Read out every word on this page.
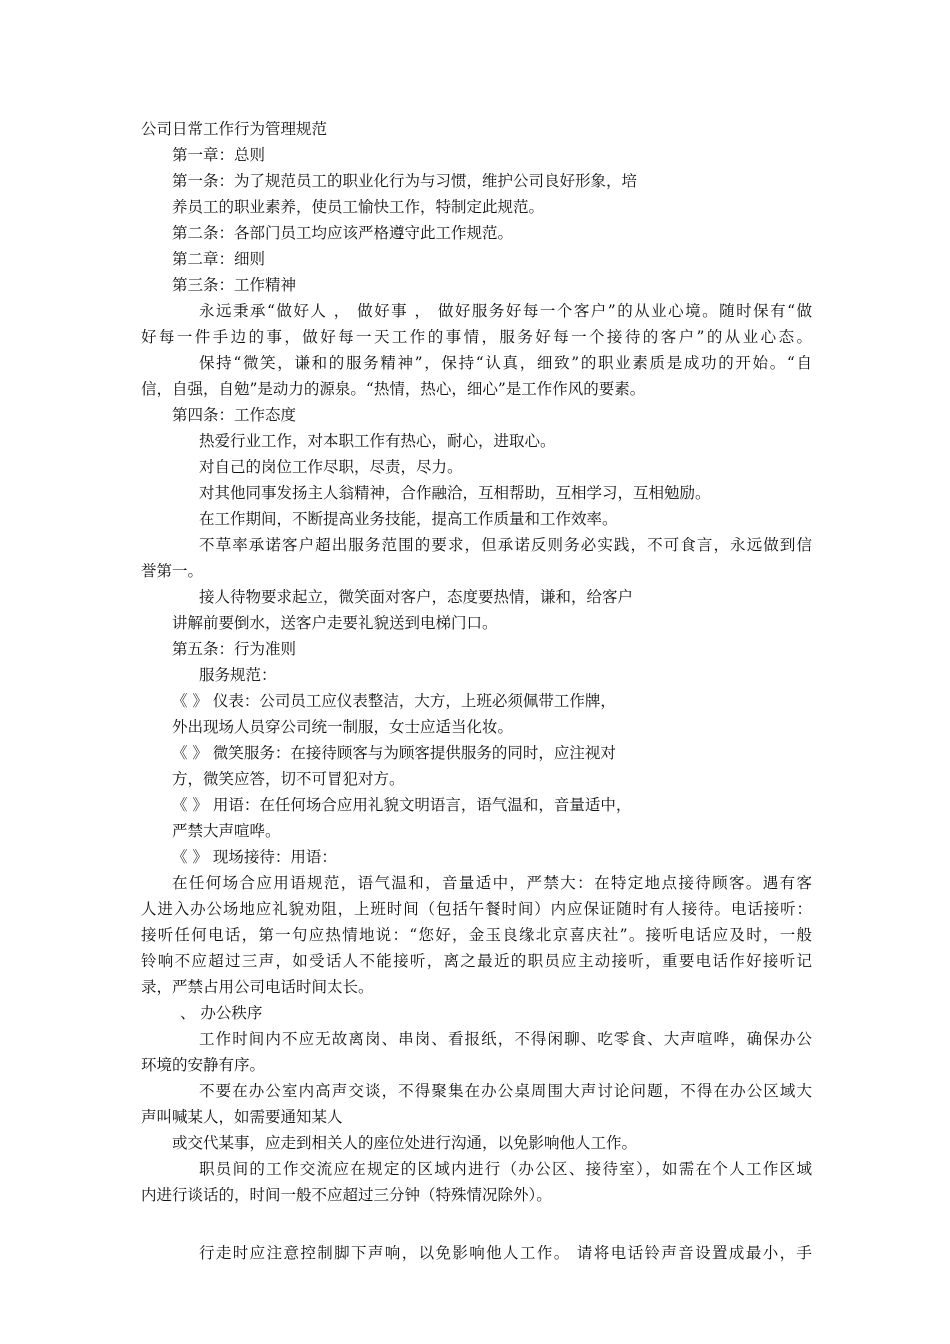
公司日常工作行为管理规范
第一章：总则
第一条：为了规范员工的职业化行为与习惯，维护公司良好形象，培
养员工的职业素养，使员工愉快工作，特制定此规范。
第二条：各部门员工均应该严格遵守此工作规范。
第二章：细则
第三条：工作精神
永远秉承“做好人 ， 做好事 ， 做好服务好每一个客户”的从业心境。随时保有“做
好每一件手边的事，做好每一天工作的事情，服务好每一个接待的客户”的从业心态。
保持“微笑，谦和的服务精神”，保持“认真，细致”的职业素质是成功的开始。“自
信，自强，自勉”是动力的源泉。“热情，热心，细心”是工作作风的要素。
第四条：工作态度
热爱行业工作，对本职工作有热心，耐心，进取心。
对自己的岗位工作尽职，尽责，尽力。
对其他同事发扬主人翁精神，合作融洽，互相帮助，互相学习，互相勉励。
在工作期间，不断提高业务技能，提高工作质量和工作效率。
不草率承诺客户超出服务范围的要求，但承诺反则务必实践，不可食言，永远做到信
誉第一。
接人待物要求起立，微笑面对客户，态度要热情，谦和，给客户
讲解前要倒水，送客户走要礼貌送到电梯门口。
第五条：行为准则
服务规范：
《 》 仪表：公司员工应仪表整洁，大方，上班必须佩带工作牌，
外出现场人员穿公司统一制服，女士应适当化妆。
《 》 微笑服务：在接待顾客与为顾客提供服务的同时，应注视对
方，微笑应答，切不可冒犯对方。
《 》 用语：在任何场合应用礼貌文明语言，语气温和，音量适中，
严禁大声喧哗。
《 》 现场接待：用语：
在任何场合应用语规范，语气温和，音量适中，严禁大：在特定地点接待顾客。遇有客
人进入办公场地应礼貌劝阻，上班时间（包括午餐时间）内应保证随时有人接待。电话接听：
接听任何电话，第一句应热情地说：“您好，金玉良缘北京喜庆社”。接听电话应及时，一般
铃响不应超过三声，如受话人不能接听，离之最近的职员应主动接听，重要电话作好接听记
录，严禁占用公司电话时间太长。
、 办公秩序
工作时间内不应无故离岗、串岗、看报纸，不得闲聊、吃零食、大声喧哗，确保办公
环境的安静有序。
不要在办公室内高声交谈，不得聚集在办公桌周围大声讨论问题，不得在办公区域大
声叫喊某人，如需要通知某人
或交代某事，应走到相关人的座位处进行沟通，以免影响他人工作。
职员间的工作交流应在规定的区域内进行（办公区、接待室），如需在个人工作区域
内进行谈话的，时间一般不应超过三分钟（特殊情况除外）。
行走时应注意控制脚下声响，以免影响他人工作。 请将电话铃声音设置成最小，手
